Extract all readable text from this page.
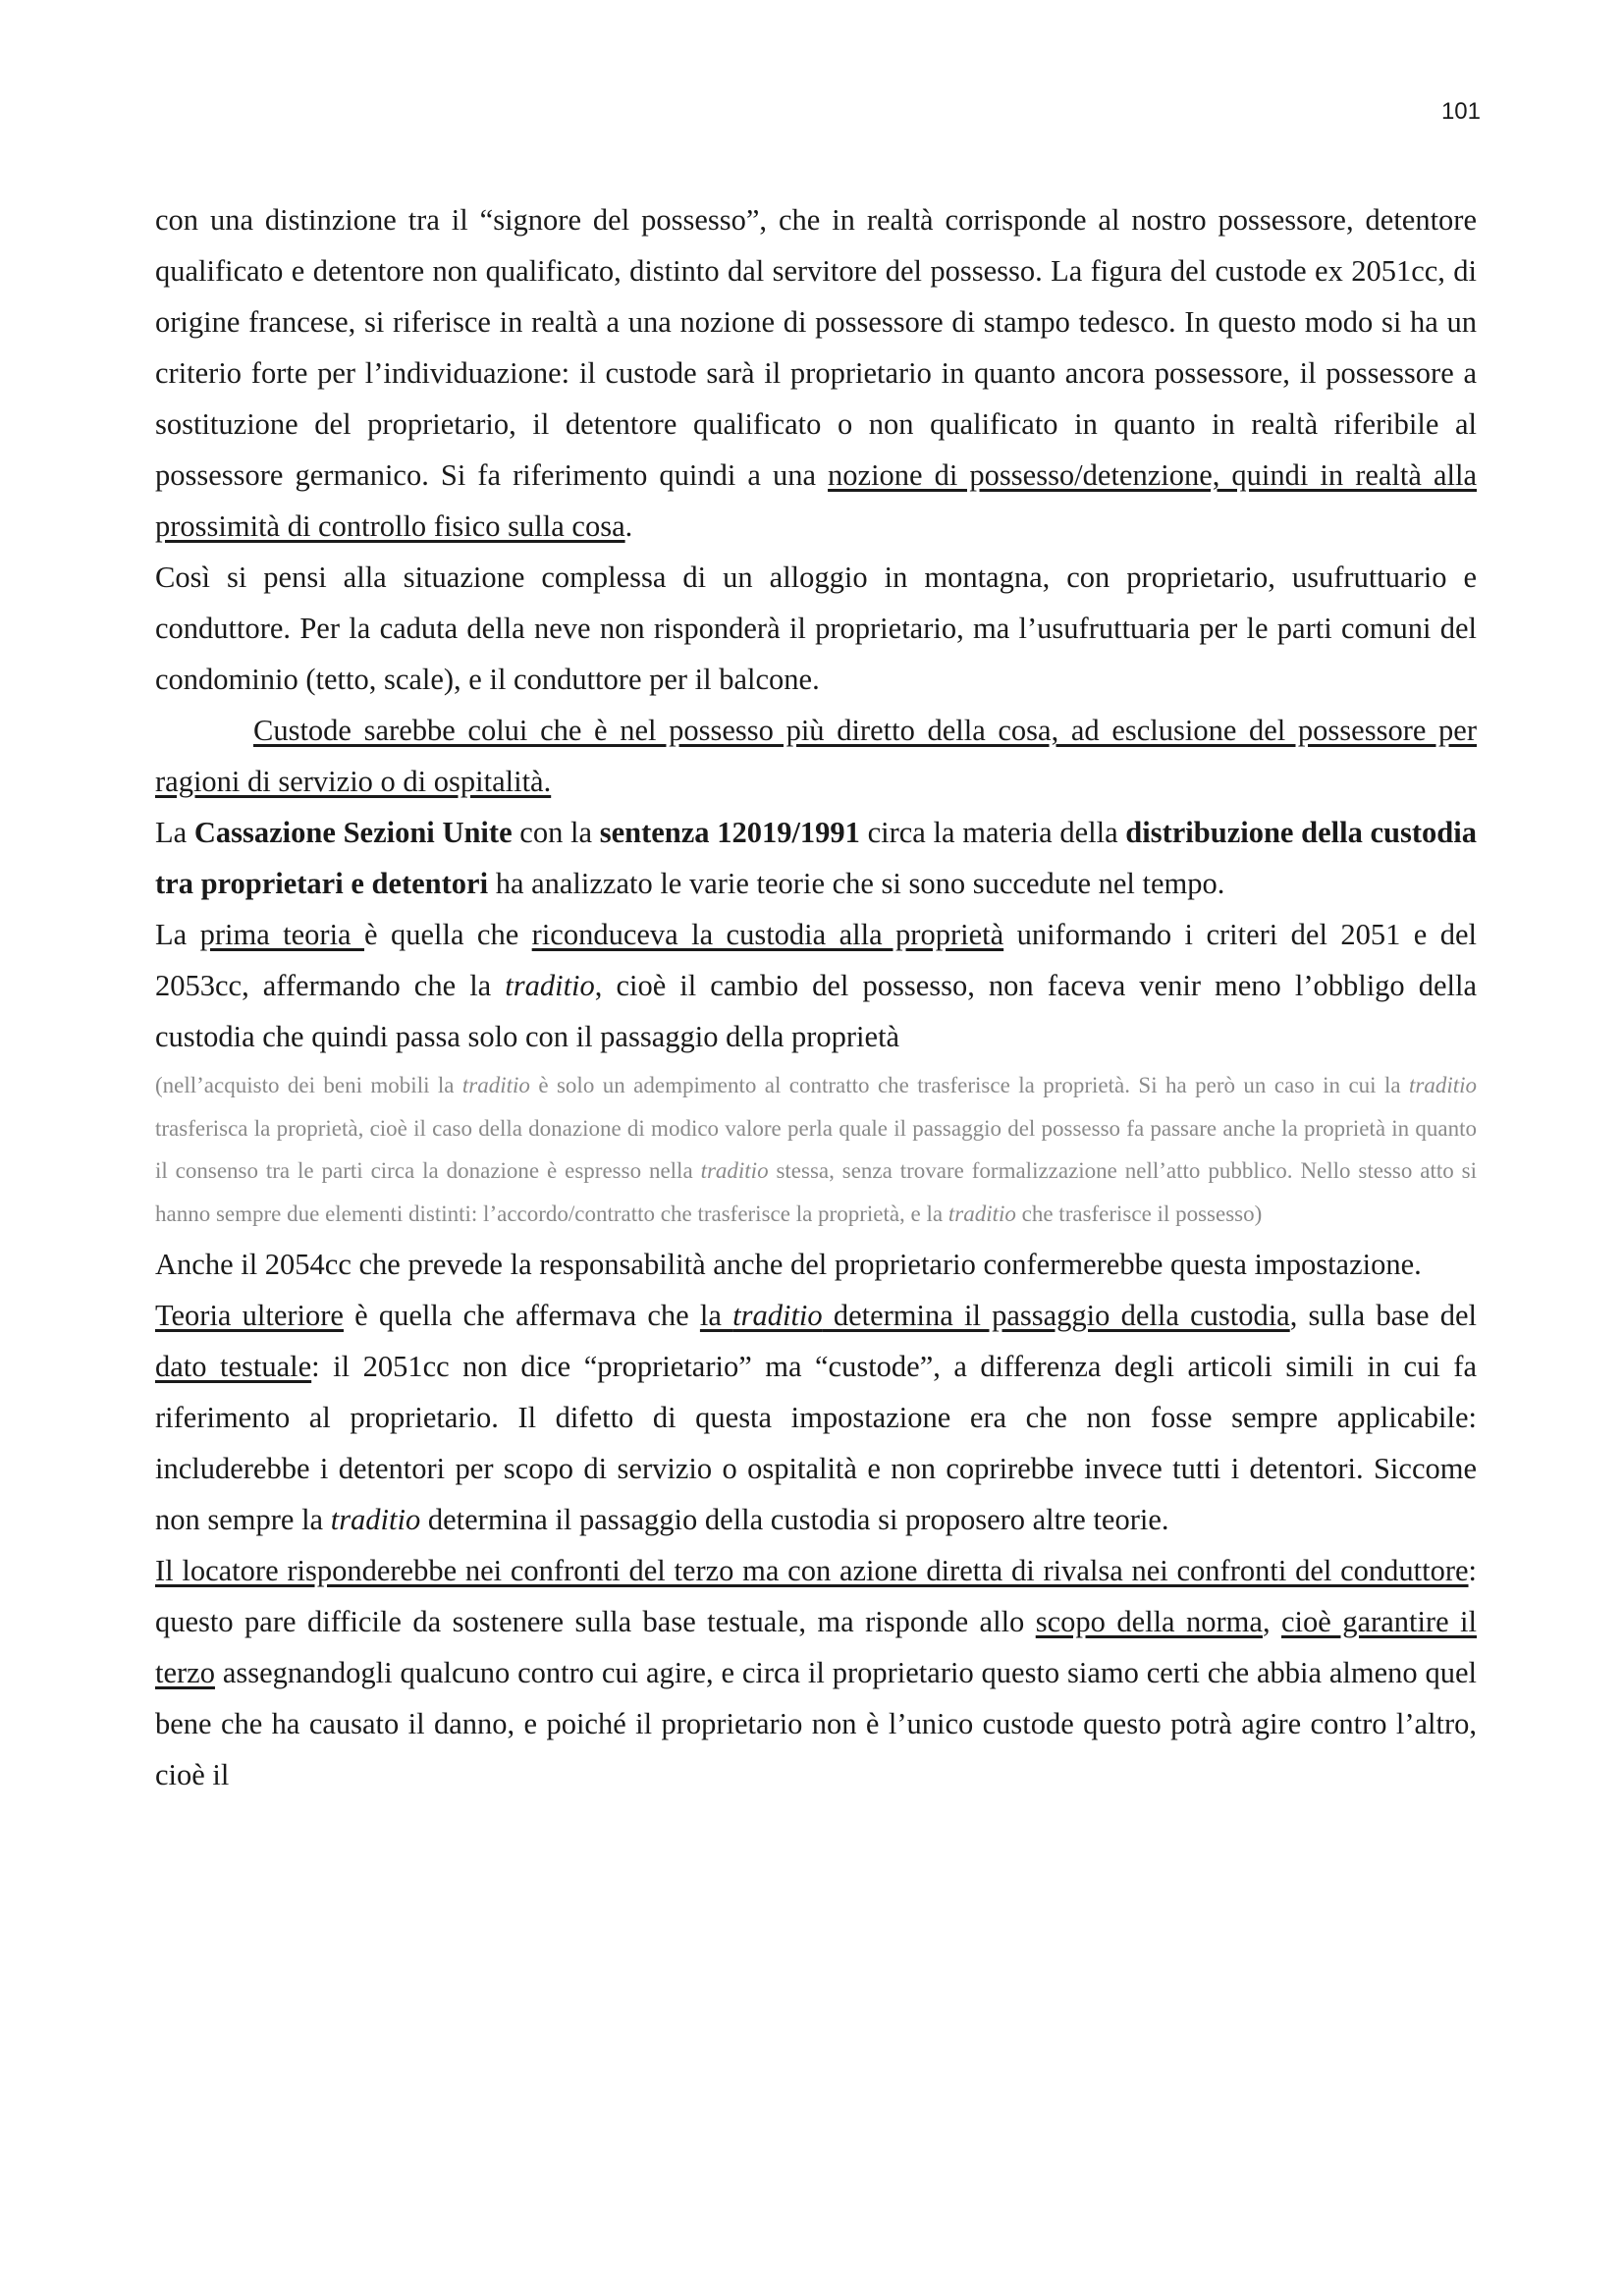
101

con una distinzione tra il “signore del possesso”, che in realtà corrisponde al nostro possessore, detentore qualificato e detentore non qualificato, distinto dal servitore del possesso. La figura del custode ex 2051cc, di origine francese, si riferisce in realtà a una nozione di possessore di stampo tedesco. In questo modo si ha un criterio forte per l’individuazione: il custode sarà il proprietario in quanto ancora possessore, il possessore a sostituzione del proprietario, il detentore qualificato o non qualificato in quanto in realtà riferibile al possessore germanico. Si fa riferimento quindi a una nozione di possesso/detenzione, quindi in realtà alla prossimità di controllo fisico sulla cosa.

Così si pensi alla situazione complessa di un alloggio in montagna, con proprietario, usufruttuario e conduttore. Per la caduta della neve non risponderà il proprietario, ma l’usufruttuaria per le parti comuni del condominio (tetto, scale), e il conduttore per il balcone.

Custode sarebbe colui che è nel possesso più diretto della cosa, ad esclusione del possessore per ragioni di servizio o di ospitalità.

La Cassazione Sezioni Unite con la sentenza 12019/1991 circa la materia della distribuzione della custodia tra proprietari e detentori ha analizzato le varie teorie che si sono succedute nel tempo.

La prima teoria è quella che riconduceva la custodia alla proprietà uniformando i criteri del 2051 e del 2053cc, affermando che la traditio, cioè il cambio del possesso, non faceva venir meno l’obbligo della custodia che quindi passa solo con il passaggio della proprietà

(nell’acquisto dei beni mobili la traditio è solo un adempimento al contratto che trasferisce la proprietà. Si ha però un caso in cui la traditio trasferisca la proprietà, cioè il caso della donazione di modico valore perla quale il passaggio del possesso fa passare anche la proprietà in quanto il consenso tra le parti circa la donazione è espresso nella traditio stessa, senza trovare formalizzazione nell’atto pubblico. Nello stesso atto si hanno sempre due elementi distinti: l’accordo/contratto che trasferisce la proprietà, e la traditio che trasferisce il possesso)

Anche il 2054cc che prevede la responsabilità anche del proprietario confermerebbe questa impostazione.

Teoria ulteriore è quella che affermava che la traditio determina il passaggio della custodia, sulla base del dato testuale: il 2051cc non dice “proprietario” ma “custode”, a differenza degli articoli simili in cui fa riferimento al proprietario. Il difetto di questa impostazione era che non fosse sempre applicabile: includerebbe i detentori per scopo di servizio o ospitalità e non coprirebbe invece tutti i detentori. Siccome non sempre la traditio determina il passaggio della custodia si proposero altre teorie.

Il locatore risponderebbe nei confronti del terzo ma con azione diretta di rivalsa nei confronti del conduttore: questo pare difficile da sostenere sulla base testuale, ma risponde allo scopo della norma, cioè garantire il terzo assegnandogli qualcuno contro cui agire, e circa il proprietario questo siamo certi che abbia almeno quel bene che ha causato il danno, e poiché il proprietario non è l’unico custode questo potrà agire contro l’altro, cioè il
